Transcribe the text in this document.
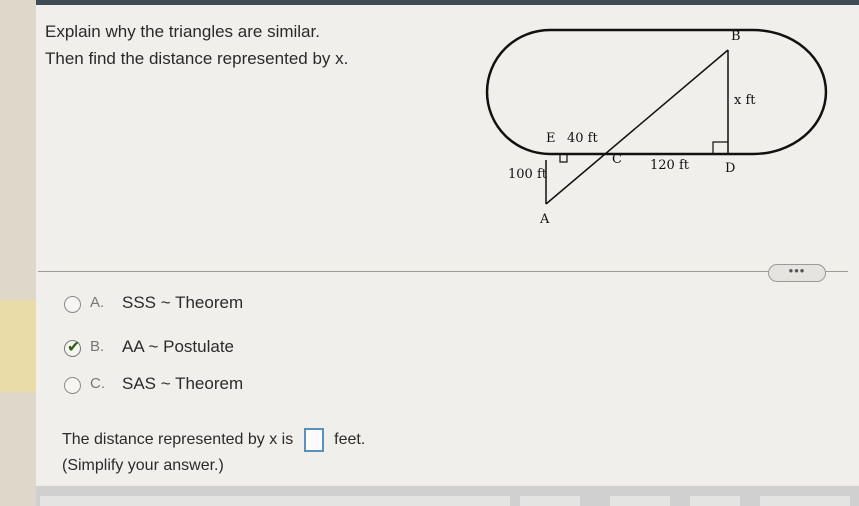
Explain why the triangles are similar.
Then find the distance represented by x.
B
x ft
E 40 ft
C 120 ft	D
100 ft
A
•••
A. SSS ~ Theorem
✔ B. AA ~ Postulate
C. SAS ~ Theorem
The distance represented by x is	feet.
(Simplify your answer.)
